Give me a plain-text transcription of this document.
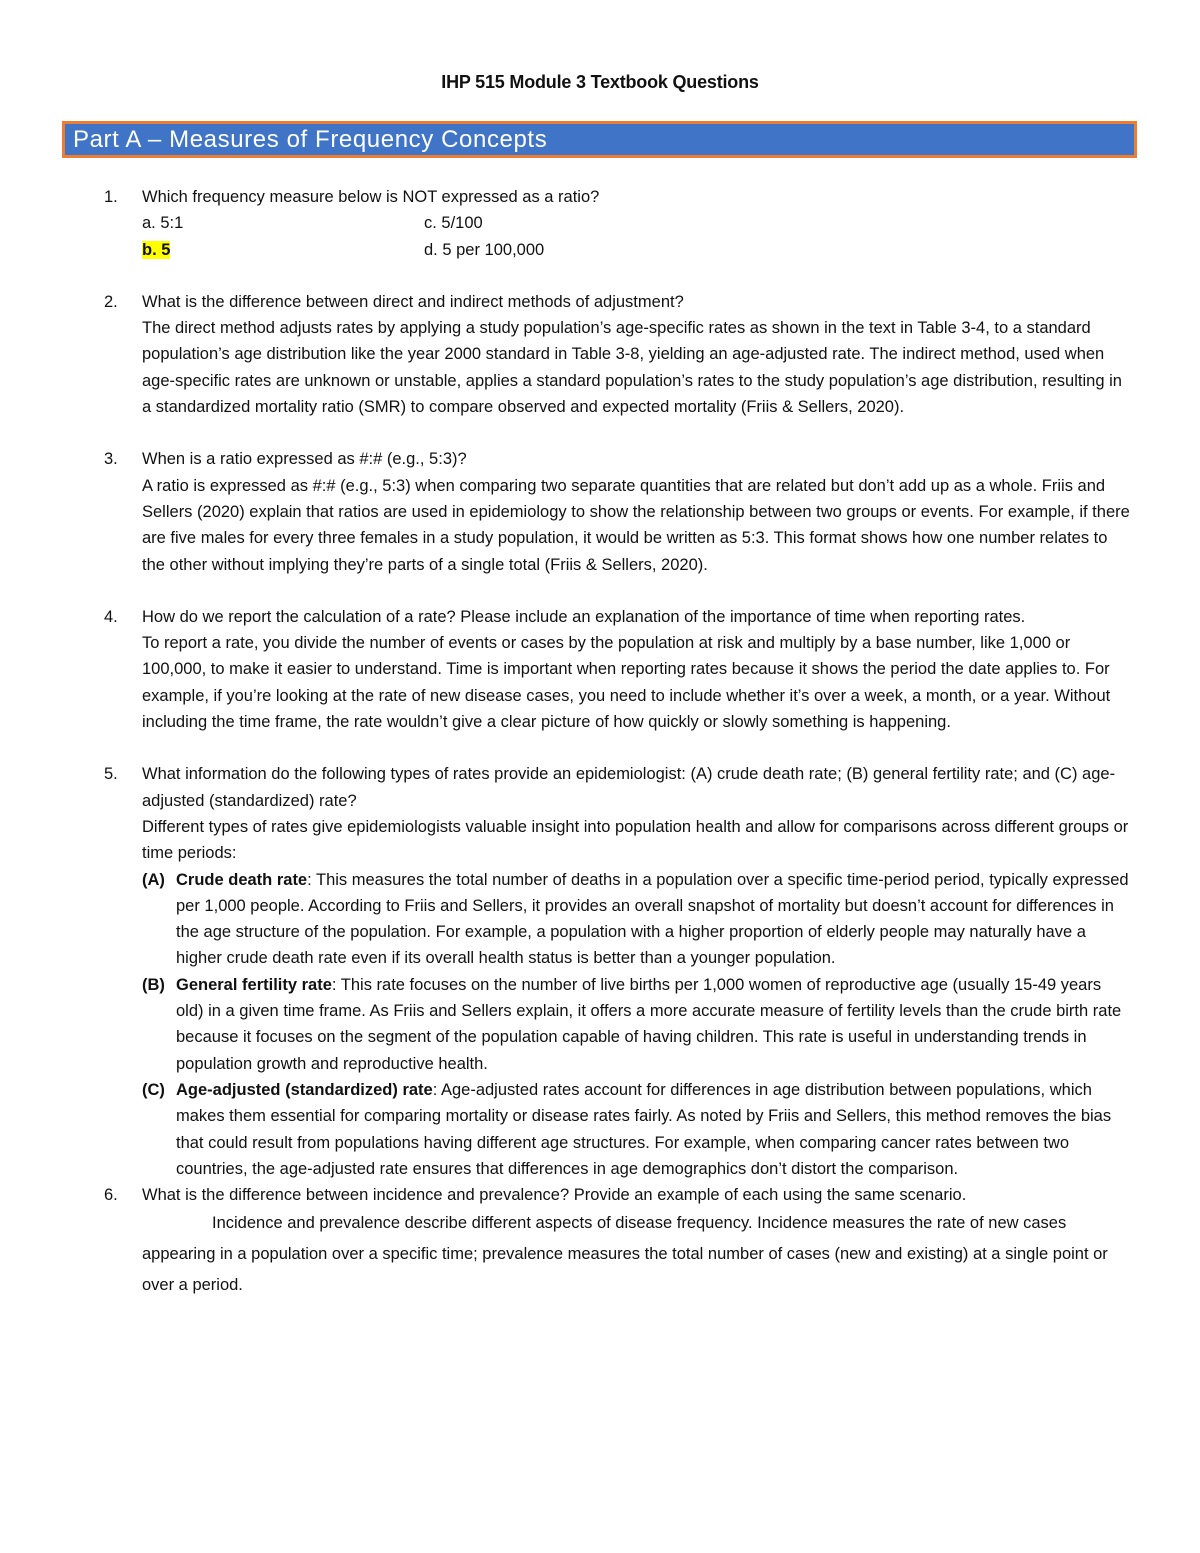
IHP 515 Module 3 Textbook Questions
Part A – Measures of Frequency Concepts
1. Which frequency measure below is NOT expressed as a ratio?
a. 5:1	c. 5/100
b. 5	d. 5 per 100,000
2. What is the difference between direct and indirect methods of adjustment?
The direct method adjusts rates by applying a study population’s age-specific rates as shown in the text in Table 3-4, to a standard population’s age distribution like the year 2000 standard in Table 3-8, yielding an age-adjusted rate. The indirect method, used when age-specific rates are unknown or unstable, applies a standard population’s rates to the study population’s age distribution, resulting in a standardized mortality ratio (SMR) to compare observed and expected mortality (Friis & Sellers, 2020).
3. When is a ratio expressed as #:# (e.g., 5:3)?
A ratio is expressed as #:# (e.g., 5:3) when comparing two separate quantities that are related but don’t add up as a whole. Friis and Sellers (2020) explain that ratios are used in epidemiology to show the relationship between two groups or events. For example, if there are five males for every three females in a study population, it would be written as 5:3. This format shows how one number relates to the other without implying they’re parts of a single total (Friis & Sellers, 2020).
4. How do we report the calculation of a rate? Please include an explanation of the importance of time when reporting rates.
To report a rate, you divide the number of events or cases by the population at risk and multiply by a base number, like 1,000 or 100,000, to make it easier to understand. Time is important when reporting rates because it shows the period the date applies to. For example, if you’re looking at the rate of new disease cases, you need to include whether it’s over a week, a month, or a year. Without including the time frame, the rate wouldn’t give a clear picture of how quickly or slowly something is happening.
5. What information do the following types of rates provide an epidemiologist: (A) crude death rate; (B) general fertility rate; and (C) age-adjusted (standardized) rate?
Different types of rates give epidemiologists valuable insight into population health and allow for comparisons across different groups or time periods:
(A) Crude death rate: This measures the total number of deaths in a population over a specific time-period period, typically expressed per 1,000 people. According to Friis and Sellers, it provides an overall snapshot of mortality but doesn’t account for differences in the age structure of the population. For example, a population with a higher proportion of elderly people may naturally have a higher crude death rate even if its overall health status is better than a younger population.
(B) General fertility rate: This rate focuses on the number of live births per 1,000 women of reproductive age (usually 15-49 years old) in a given time frame. As Friis and Sellers explain, it offers a more accurate measure of fertility levels than the crude birth rate because it focuses on the segment of the population capable of having children. This rate is useful in understanding trends in population growth and reproductive health.
(C) Age-adjusted (standardized) rate: Age-adjusted rates account for differences in age distribution between populations, which makes them essential for comparing mortality or disease rates fairly. As noted by Friis and Sellers, this method removes the bias that could result from populations having different age structures. For example, when comparing cancer rates between two countries, the age-adjusted rate ensures that differences in age demographics don’t distort the comparison.
6. What is the difference between incidence and prevalence? Provide an example of each using the same scenario.
Incidence and prevalence describe different aspects of disease frequency. Incidence measures the rate of new cases appearing in a population over a specific time; prevalence measures the total number of cases (new and existing) at a single point or over a period.
